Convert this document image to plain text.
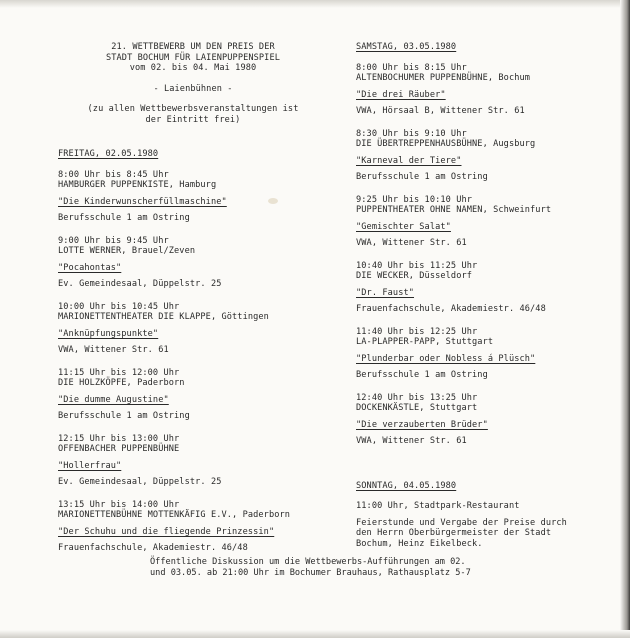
21. WETTBEWERB UM DEN PREIS DER
STADT BOCHUM FÜR LAIENPUPPENSPIEL
vom 02. bis 04. Mai 1980
- Laienbühnen -
(zu allen Wettbewerbsveranstaltungen ist
der Eintritt frei)
FREITAG, 02.05.1980
8:00 Uhr bis 8:45 Uhr
HAMBURGER PUPPENKISTE, Hamburg
"Die Kinderwunscherfüllmaschine"
Berufsschule 1 am Ostring
9:00 Uhr bis 9:45 Uhr
LOTTE WERNER, Brauel/Zeven
"Pocahontas"
Ev. Gemeindesaal, Düppelstr. 25
10:00 Uhr bis 10:45 Uhr
MARIONETTENTHEATER DIE KLAPPE, Göttingen
"Anknüpfungspunkte"
VWA, Wittener Str. 61
11:15 Uhr bis 12:00 Uhr
DIE HOLZKÖPFE, Paderborn
"Die dumme Augustine"
Berufsschule 1 am Ostring
12:15 Uhr bis 13:00 Uhr
OFFENBACHER PUPPENBÜHNE
"Hollerfrau"
Ev. Gemeindesaal, Düppelstr. 25
13:15 Uhr bis 14:00 Uhr
MARIONETTENBÜHNE MOTTENKÄFIG E.V., Paderborn
"Der Schuhu und die fliegende Prinzessin"
Frauenfachschule, Akademiestr. 46/48
SAMSTAG, 03.05.1980
8:00 Uhr bis 8:15 Uhr
ALTENBOCHUMER PUPPENBÜHNE, Bochum
"Die drei Räuber"
VWA, Hörsaal B, Wittener Str. 61
8:30 Uhr bis 9:10 Uhr
DIE ÜBERTREPPENHAUSBÜHNE, Augsburg
"Karneval der Tiere"
Berufsschule 1 am Ostring
9:25 Uhr bis 10:10 Uhr
PUPPENTHEATER OHNE NAMEN, Schweinfurt
"Gemischter Salat"
VWA, Wittener Str. 61
10:40 Uhr bis 11:25 Uhr
DIE WECKER, Düsseldorf
"Dr. Faust"
Frauenfachschule, Akademiestr. 46/48
11:40 Uhr bis 12:25 Uhr
LA-PLAPPER-PAPP, Stuttgart
"Plunderbar oder Nobless á Plüsch"
Berufsschule 1 am Ostring
12:40 Uhr bis 13:25 Uhr
DOCKENKÄSTLE, Stuttgart
"Die verzauberten Brüder"
VWA, Wittener Str. 61
SONNTAG, 04.05.1980
11:00 Uhr, Stadtpark-Restaurant
Feierstunde und Vergabe der Preise durch
den Herrn Oberbürgermeister der Stadt
Bochum, Heinz Eikelbeck.
Öffentliche Diskussion um die Wettbewerbs-Aufführungen am 02.
und 03.05. ab 21:00 Uhr im Bochumer Brauhaus, Rathausplatz 5-7
